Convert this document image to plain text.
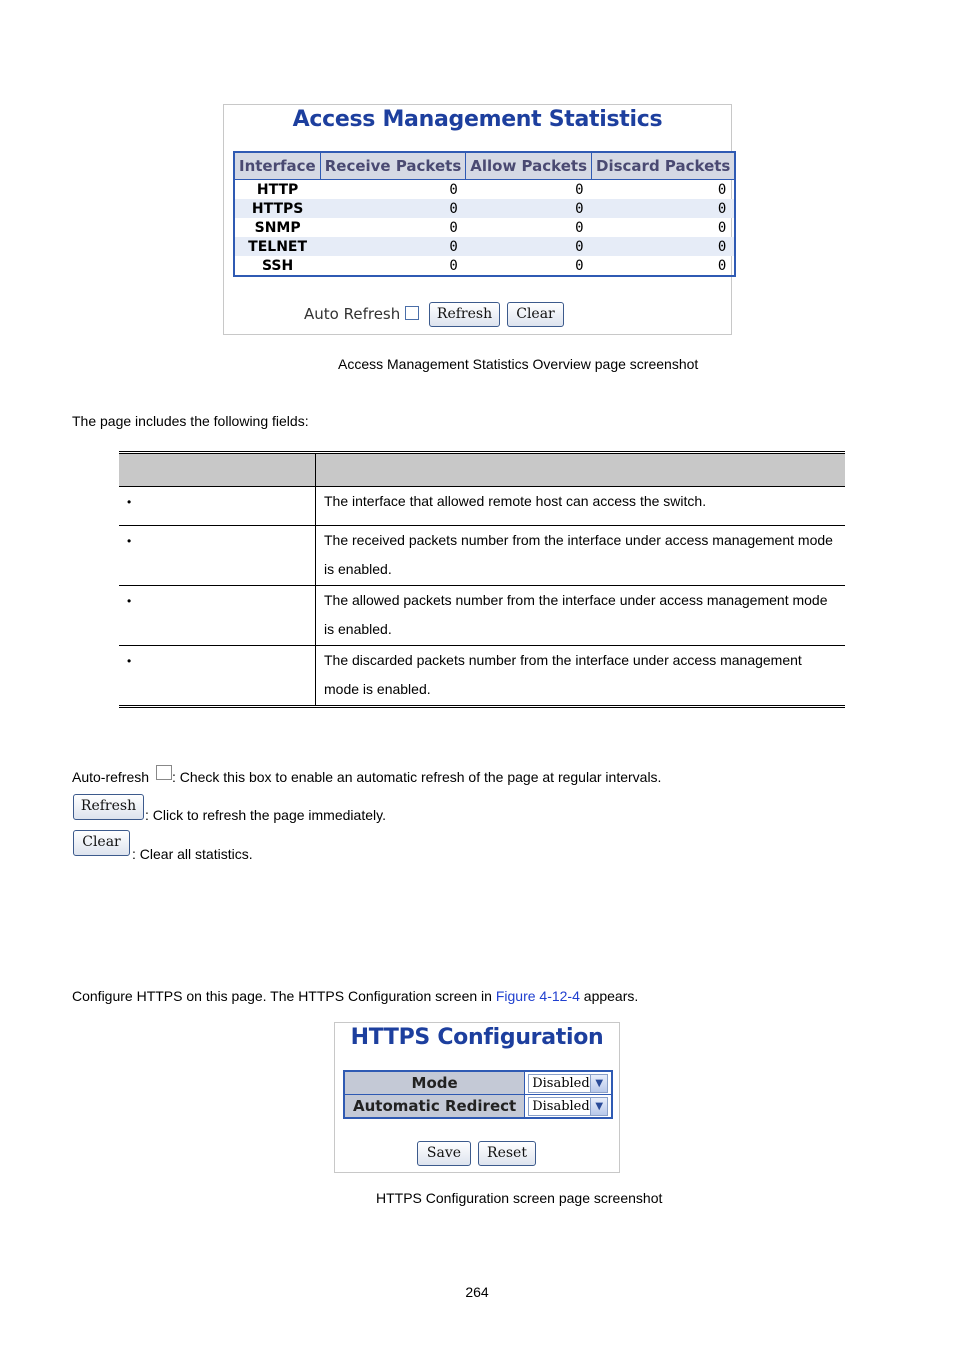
Access Management Statistics
Interface	Receive Packets	Allow Packets	Discard Packets
HTTP	0	0	0
HTTPS	0	0	0
SNMP	0	0	0
TELNET	0	0	0
SSH	0	0	0
Auto Refresh	Refresh	Clear
Access Management Statistics Overview page screenshot
The page includes the following fields:

•	The interface that allowed remote host can access the switch.
•	The received packets number from the interface under access management mode is enabled.
•	The allowed packets number from the interface under access management mode is enabled.
•	The discarded packets number from the interface under access management mode is enabled.
Auto-refresh : Check this box to enable an automatic refresh of the page at regular intervals.
Refresh
: Click to refresh the page immediately.
Clear
: Clear all statistics.
Configure HTTPS on this page. The HTTPS Configuration screen in Figure 4-12-4 appears.
HTTPS Configuration
Mode	Disabled ▼

Automatic Redirect	Disabled ▼
Save	Reset
HTTPS Configuration screen page screenshot
264
